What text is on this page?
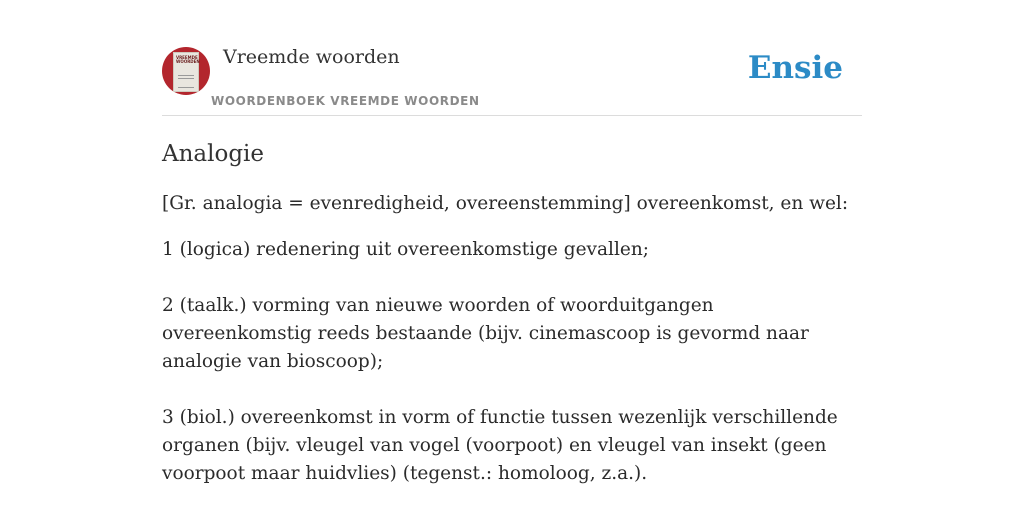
VREEMDE WOORDEN Vreemde woorden
WOORDENBOEK VREEMDE WOORDEN
Ensie
Analogie

[Gr. analogia = evenredigheid, overeenstemming] overeenkomst, en wel:

1 (logica) redenering uit overeenkomstige gevallen;
2 (taalk.) vorming van nieuwe woorden of woorduitgangen overeenkomstig reeds bestaande (bijv. cinemascoop is gevormd naar analogie van bioscoop);
3 (biol.) overeenkomst in vorm of functie tussen wezenlijk verschillende organen (bijv. vleugel van vogel (voorpoot) en vleugel van insekt (geen voorpoot maar huidvlies) (tegenst.: homoloog, z.a.).
